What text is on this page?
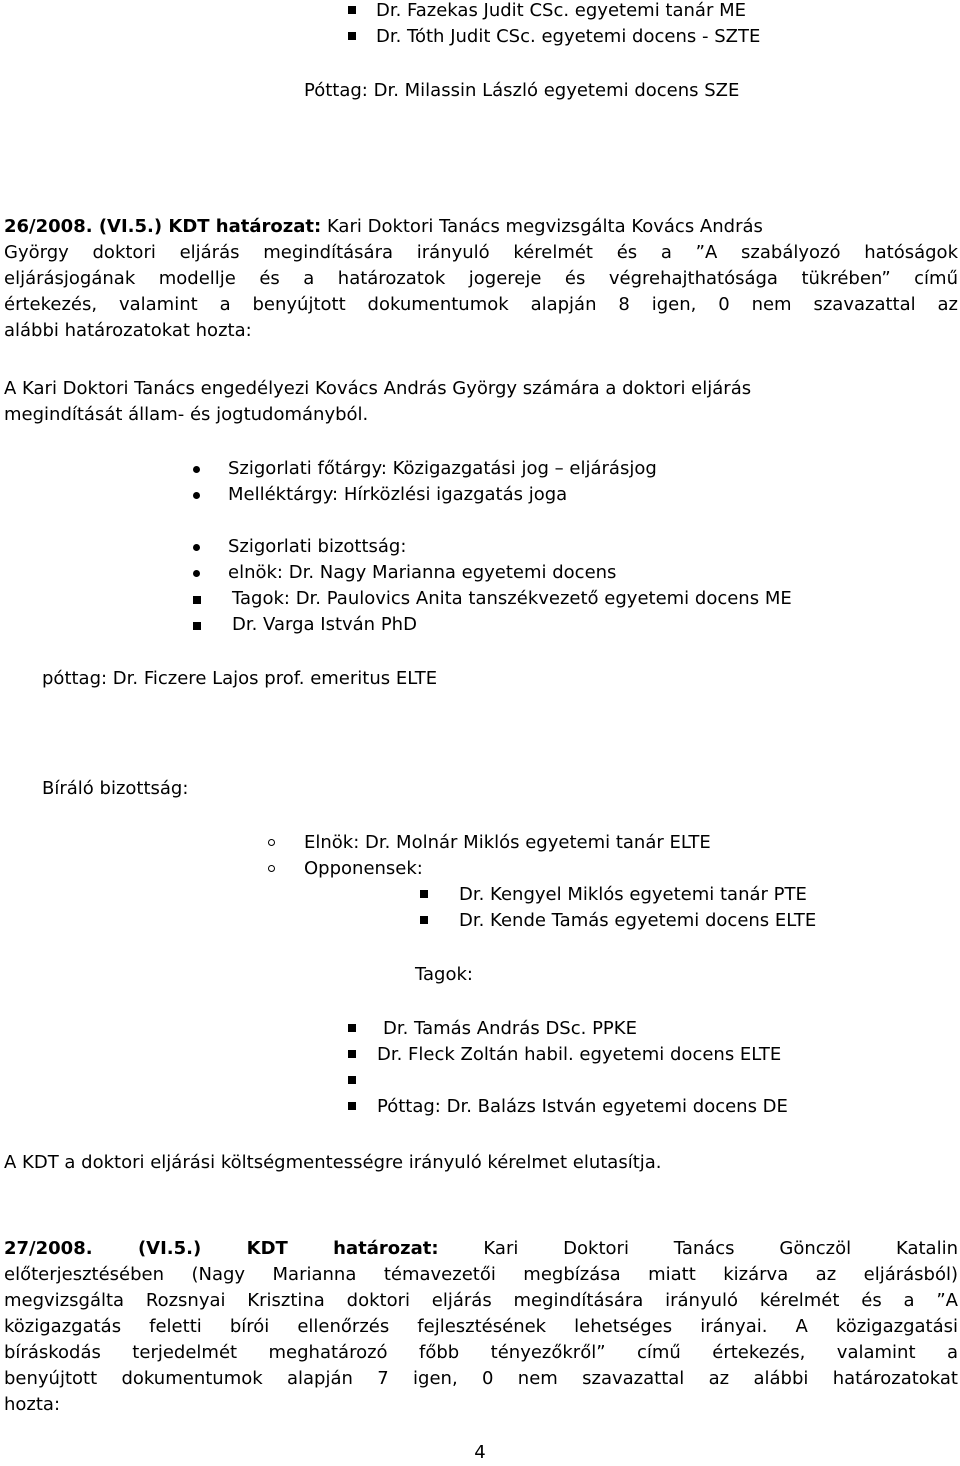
Dr. Fazekas Judit CSc. egyetemi tanár ME
Dr. Tóth Judit CSc. egyetemi docens - SZTE
Póttag: Dr. Milassin László egyetemi docens SZE
26/2008. (VI.5.) KDT határozat: Kari Doktori Tanács megvizsgálta Kovács András
György doktori eljárás megindítására irányuló kérelmét és a ”A szabályozó hatóságok
eljárásjogának modellje és a határozatok jogereje és végrehajthatósága tükrében” című
értekezés, valamint a benyújtott dokumentumok alapján 8 igen, 0 nem szavazattal az
alábbi határozatokat hozta:
A Kari Doktori Tanács engedélyezi Kovács András György számára a doktori eljárás
megindítását állam- és jogtudományból.
Szigorlati főtárgy: Közigazgatási jog – eljárásjog
Melléktárgy: Hírközlési igazgatás joga
Szigorlati bizottság:
elnök: Dr. Nagy Marianna egyetemi docens
Tagok: Dr. Paulovics Anita tanszékvezető egyetemi docens ME
Dr. Varga István PhD
póttag: Dr. Ficzere Lajos prof. emeritus ELTE
Bíráló bizottság:
Elnök: Dr. Molnár Miklós egyetemi tanár ELTE
Opponensek:
Dr. Kengyel Miklós egyetemi tanár PTE
Dr. Kende Tamás egyetemi docens ELTE
Tagok:
Dr. Tamás András DSc. PPKE
Dr. Fleck Zoltán habil. egyetemi docens ELTE
Póttag: Dr. Balázs István egyetemi docens DE
A KDT a doktori eljárási költségmentességre irányuló kérelmet elutasítja.
27/2008. (VI.5.) KDT határozat: Kari Doktori Tanács Gönczöl Katalin
előterjesztésében (Nagy Marianna témavezetői megbízása miatt kizárva az eljárásból)
megvizsgálta Rozsnyai Krisztina doktori eljárás megindítására irányuló kérelmét és a ”A
közigazgatás feletti bírói ellenőrzés fejlesztésének lehetséges irányai. A közigazgatási
bíráskodás terjedelmét meghatározó főbb tényezőkről” című értekezés, valamint a
benyújtott dokumentumok alapján 7 igen, 0 nem szavazattal az alábbi határozatokat
hozta:
4
